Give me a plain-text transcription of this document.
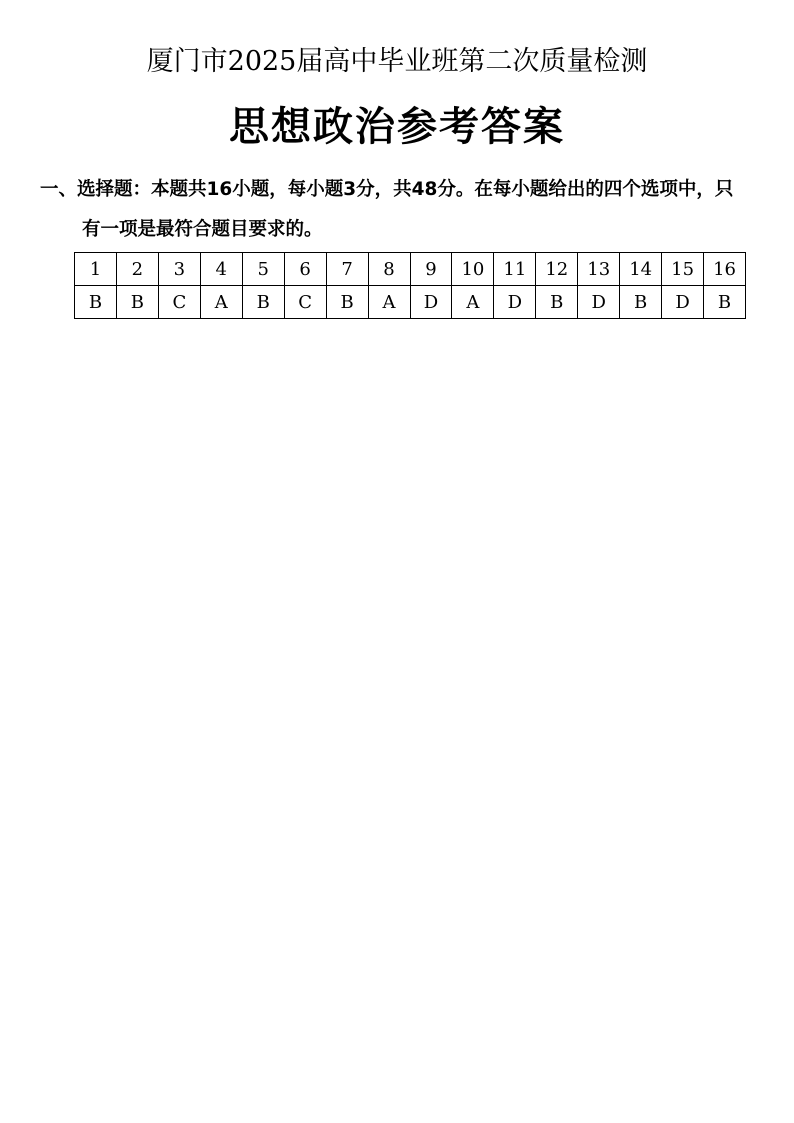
厦门市2025届高中毕业班第二次质量检测
思想政治参考答案

一、选择题：本题共16小题，每小题3分，共48分。在每小题给出的四个选项中，只
有一项是最符合题目要求的。

1	2	3	4	5	6	7	8	9	10	11	12	13	14	15	16
B	B	C	A	B	C	B	A	D	A	D	B	D	B	D	B
